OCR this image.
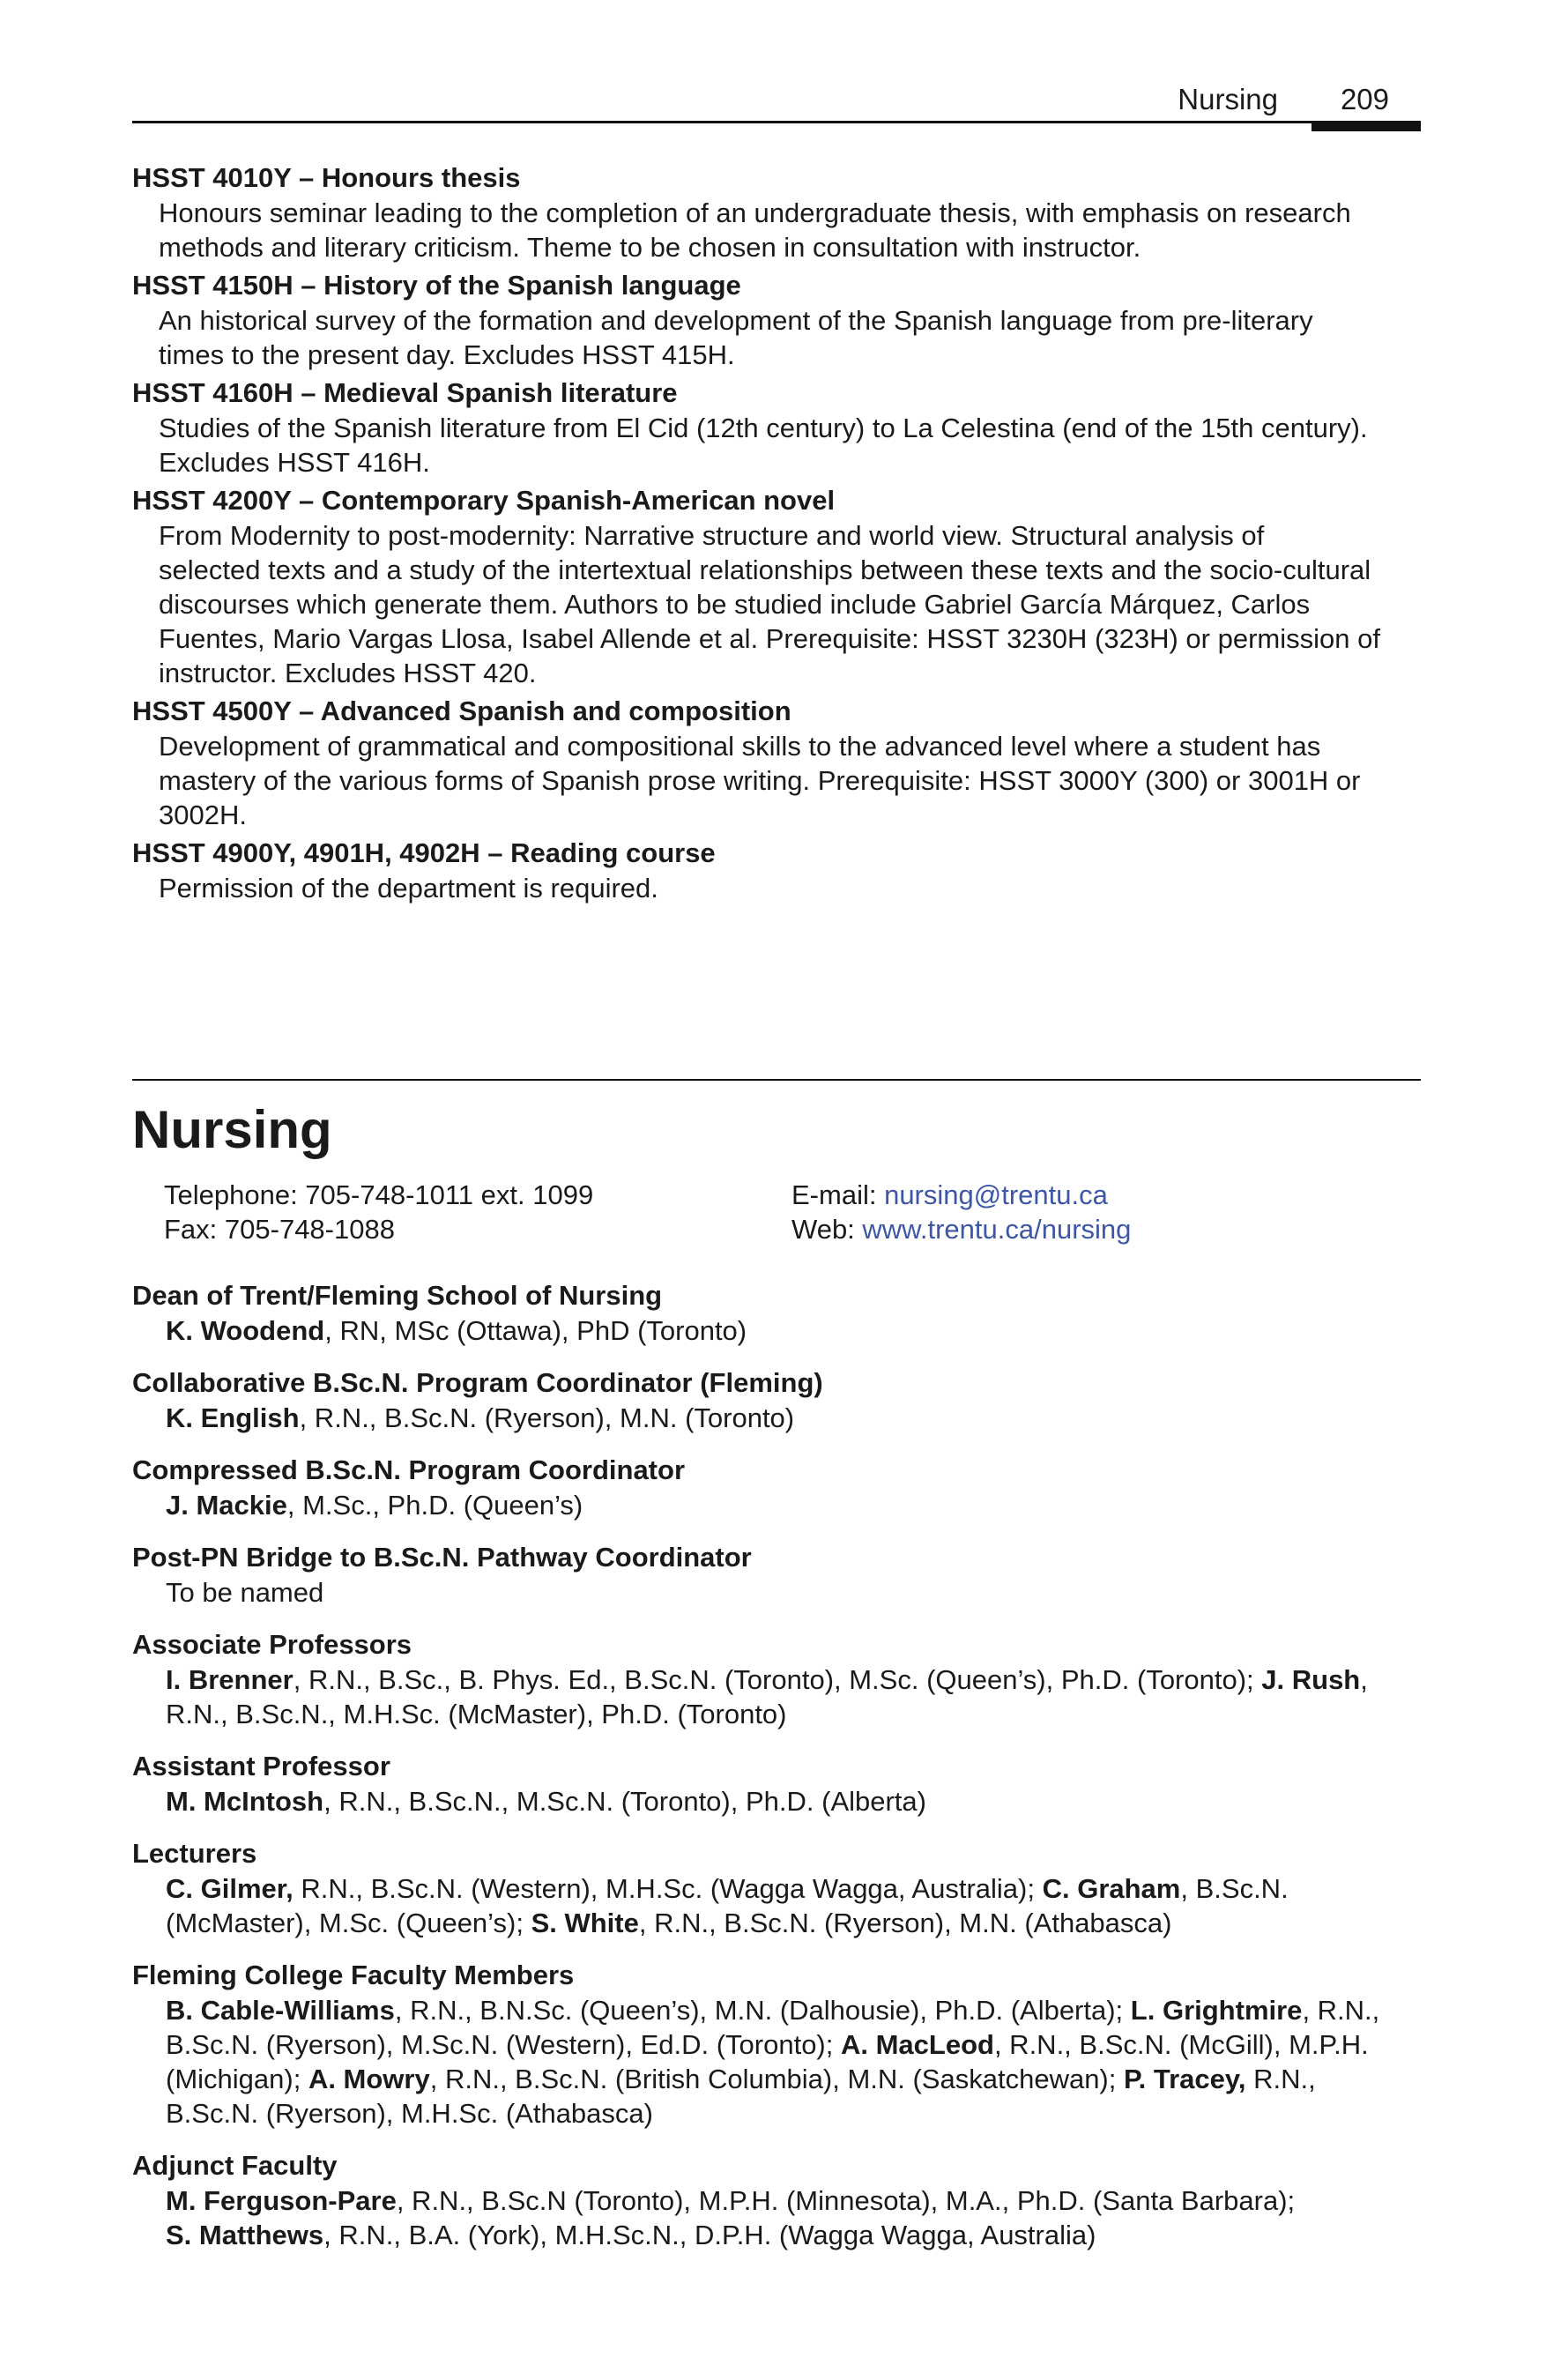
Nursing 209
HSST 4010Y – Honours thesis
Honours seminar leading to the completion of an undergraduate thesis, with emphasis on research
methods and literary criticism. Theme to be chosen in consultation with instructor.
HSST 4150H – History of the Spanish language
An historical survey of the formation and development of the Spanish language from pre-literary
times to the present day. Excludes HSST 415H.
HSST 4160H – Medieval Spanish literature
Studies of the Spanish literature from El Cid (12th century) to La Celestina (end of the 15th century).
Excludes HSST 416H.
HSST 4200Y – Contemporary Spanish-American novel
From Modernity to post-modernity: Narrative structure and world view. Structural analysis of
selected texts and a study of the intertextual relationships between these texts and the socio-cultural
discourses which generate them. Authors to be studied include Gabriel García Márquez, Carlos
Fuentes, Mario Vargas Llosa, Isabel Allende et al. Prerequisite: HSST 3230H (323H) or permission of
instructor. Excludes HSST 420.
HSST 4500Y – Advanced Spanish and composition
Development of grammatical and compositional skills to the advanced level where a student has
mastery of the various forms of Spanish prose writing. Prerequisite: HSST 3000Y (300) or 3001H or
3002H.
HSST 4900Y, 4901H, 4902H – Reading course
Permission of the department is required.
Nursing
Telephone: 705-748-1011 ext. 1099
Fax: 705-748-1088
E-mail: nursing@trentu.ca
Web: www.trentu.ca/nursing
Dean of Trent/Fleming School of Nursing
K. Woodend, RN, MSc (Ottawa), PhD (Toronto)
Collaborative B.Sc.N. Program Coordinator (Fleming)
K. English, R.N., B.Sc.N. (Ryerson), M.N. (Toronto)
Compressed B.Sc.N. Program Coordinator
J. Mackie, M.Sc., Ph.D. (Queen’s)
Post-PN Bridge to B.Sc.N. Pathway Coordinator
To be named
Associate Professors
I. Brenner, R.N., B.Sc., B. Phys. Ed., B.Sc.N. (Toronto), M.Sc. (Queen’s), Ph.D. (Toronto); J. Rush,
R.N., B.Sc.N., M.H.Sc. (McMaster), Ph.D. (Toronto)
Assistant Professor
M. McIntosh, R.N., B.Sc.N., M.Sc.N. (Toronto), Ph.D. (Alberta)
Lecturers
C. Gilmer, R.N., B.Sc.N. (Western), M.H.Sc. (Wagga Wagga, Australia); C. Graham, B.Sc.N.
(McMaster), M.Sc. (Queen’s); S. White, R.N., B.Sc.N. (Ryerson), M.N. (Athabasca)
Fleming College Faculty Members
B. Cable-Williams, R.N., B.N.Sc. (Queen’s), M.N. (Dalhousie), Ph.D. (Alberta); L. Grightmire, R.N.,
B.Sc.N. (Ryerson), M.Sc.N. (Western), Ed.D. (Toronto); A. MacLeod, R.N., B.Sc.N. (McGill), M.P.H.
(Michigan); A. Mowry, R.N., B.Sc.N. (British Columbia), M.N. (Saskatchewan); P. Tracey, R.N.,
B.Sc.N. (Ryerson), M.H.Sc. (Athabasca)
Adjunct Faculty
M. Ferguson-Pare, R.N., B.Sc.N (Toronto), M.P.H. (Minnesota), M.A., Ph.D. (Santa Barbara);
S. Matthews, R.N., B.A. (York), M.H.Sc.N., D.P.H. (Wagga Wagga, Australia)
